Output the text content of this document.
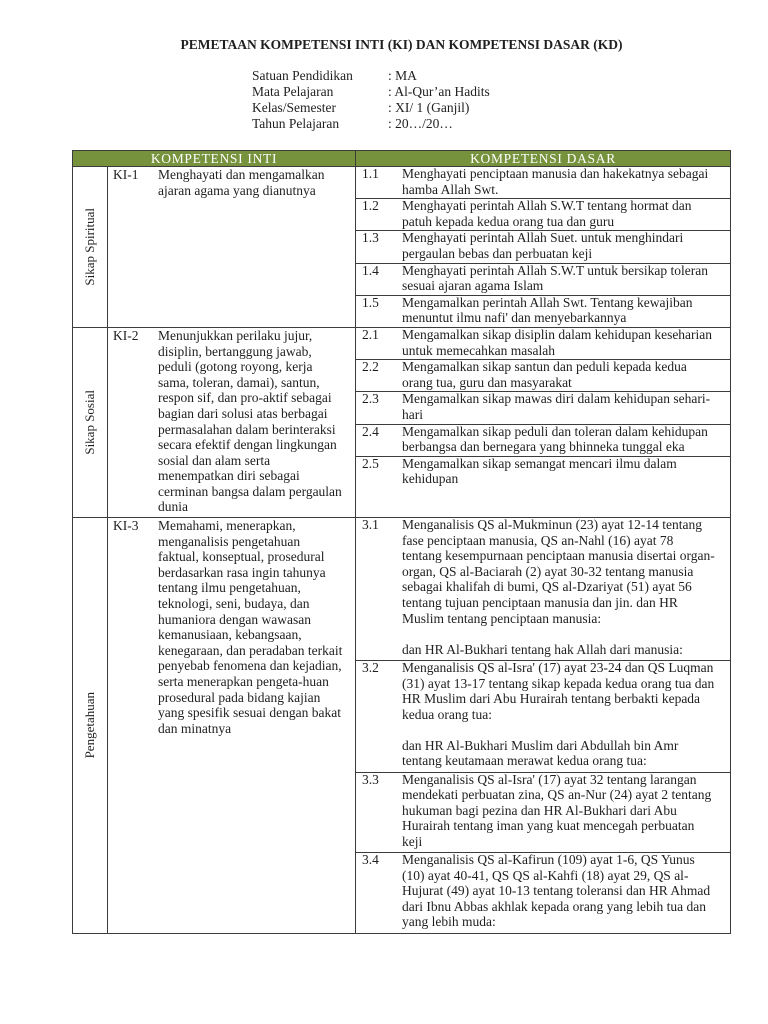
PEMETAAN KOMPETENSI INTI (KI) DAN KOMPETENSI DASAR (KD)
Satuan Pendidikan	: MA
Mata Pelajaran	: Al-Qur’an Hadits
Kelas/Semester	: XI/ 1 (Ganjil)
Tahun Pelajaran	: 20…/20…
KOMPETENSI INTI	KOMPETENSI DASAR
Sikap Spiritual
KI-1	Menghayati dan mengamalkan
ajaran agama yang dianutnya
1.1	Menghayati penciptaan manusia dan hakekatnya sebagai
hamba Allah Swt.
1.2	Menghayati perintah Allah S.W.T tentang hormat dan
patuh kepada kedua orang tua dan guru
1.3	Menghayati perintah Allah Suet. untuk menghindari
pergaulan bebas dan perbuatan keji
1.4	Menghayati perintah Allah S.W.T untuk bersikap toleran
sesuai ajaran agama Islam
1.5	Mengamalkan perintah Allah Swt. Tentang kewajiban
menuntut ilmu nafi' dan menyebarkannya
Sikap Sosial
KI-2	Menunjukkan perilaku jujur,
disiplin, bertanggung jawab,
peduli (gotong royong, kerja
sama, toleran, damai), santun,
respon sif, dan pro-aktif sebagai
bagian dari solusi atas berbagai
permasalahan dalam berinteraksi
secara efektif dengan lingkungan
sosial dan alam serta
menempatkan diri sebagai
cerminan bangsa dalam pergaulan
dunia
2.1	Mengamalkan sikap disiplin dalam kehidupan keseharian
untuk memecahkan masalah
2.2	Mengamalkan sikap santun dan peduli kepada kedua
orang tua, guru dan masyarakat
2.3	Mengamalkan sikap mawas diri dalam kehidupan sehari-
hari
2.4	Mengamalkan sikap peduli dan toleran dalam kehidupan
berbangsa dan bernegara yang bhinneka tunggal eka
2.5	Mengamalkan sikap semangat mencari ilmu dalam
kehidupan
Pengetahuan
KI-3	Memahami, menerapkan,
menganalisis pengetahuan
faktual, konseptual, prosedural
berdasarkan rasa ingin tahunya
tentang ilmu pengetahuan,
teknologi, seni, budaya, dan
humaniora dengan wawasan
kemanusiaan, kebangsaan,
kenegaraan, dan peradaban terkait
penyebab fenomena dan kejadian,
serta menerapkan pengeta-huan
prosedural pada bidang kajian
yang spesifik sesuai dengan bakat
dan minatnya
3.1	Menganalisis QS al-Mukminun (23) ayat 12-14 tentang
fase penciptaan manusia, QS an-Nahl (16) ayat 78
tentang kesempurnaan penciptaan manusia disertai organ-
organ, QS al-Baciarah (2) ayat 30-32 tentang manusia
sebagai khalifah di bumi, QS al-Dzariyat (51) ayat 56
tentang tujuan penciptaan manusia dan jin. dan HR
Muslim tentang penciptaan manusia:
dan HR Al-Bukhari tentang hak Allah dari manusia:
3.2	Menganalisis QS al-Isra' (17) ayat 23-24 dan QS Luqman
(31) ayat 13-17 tentang sikap kepada kedua orang tua dan
HR Muslim dari Abu Hurairah tentang berbakti kepada
kedua orang tua:
dan HR Al-Bukhari Muslim dari Abdullah bin Amr
tentang keutamaan merawat kedua orang tua:
3.3	Menganalisis QS al-Isra' (17) ayat 32 tentang larangan
mendekati perbuatan zina, QS an-Nur (24) ayat 2 tentang
hukuman bagi pezina dan HR Al-Bukhari dari Abu
Hurairah tentang iman yang kuat mencegah perbuatan
keji
3.4	Menganalisis QS al-Kafirun (109) ayat 1-6, QS Yunus
(10) ayat 40-41, QS QS al-Kahfi (18) ayat 29, QS al-
Hujurat (49) ayat 10-13 tentang toleransi dan HR Ahmad
dari Ibnu Abbas akhlak kepada orang yang lebih tua dan
yang lebih muda:
